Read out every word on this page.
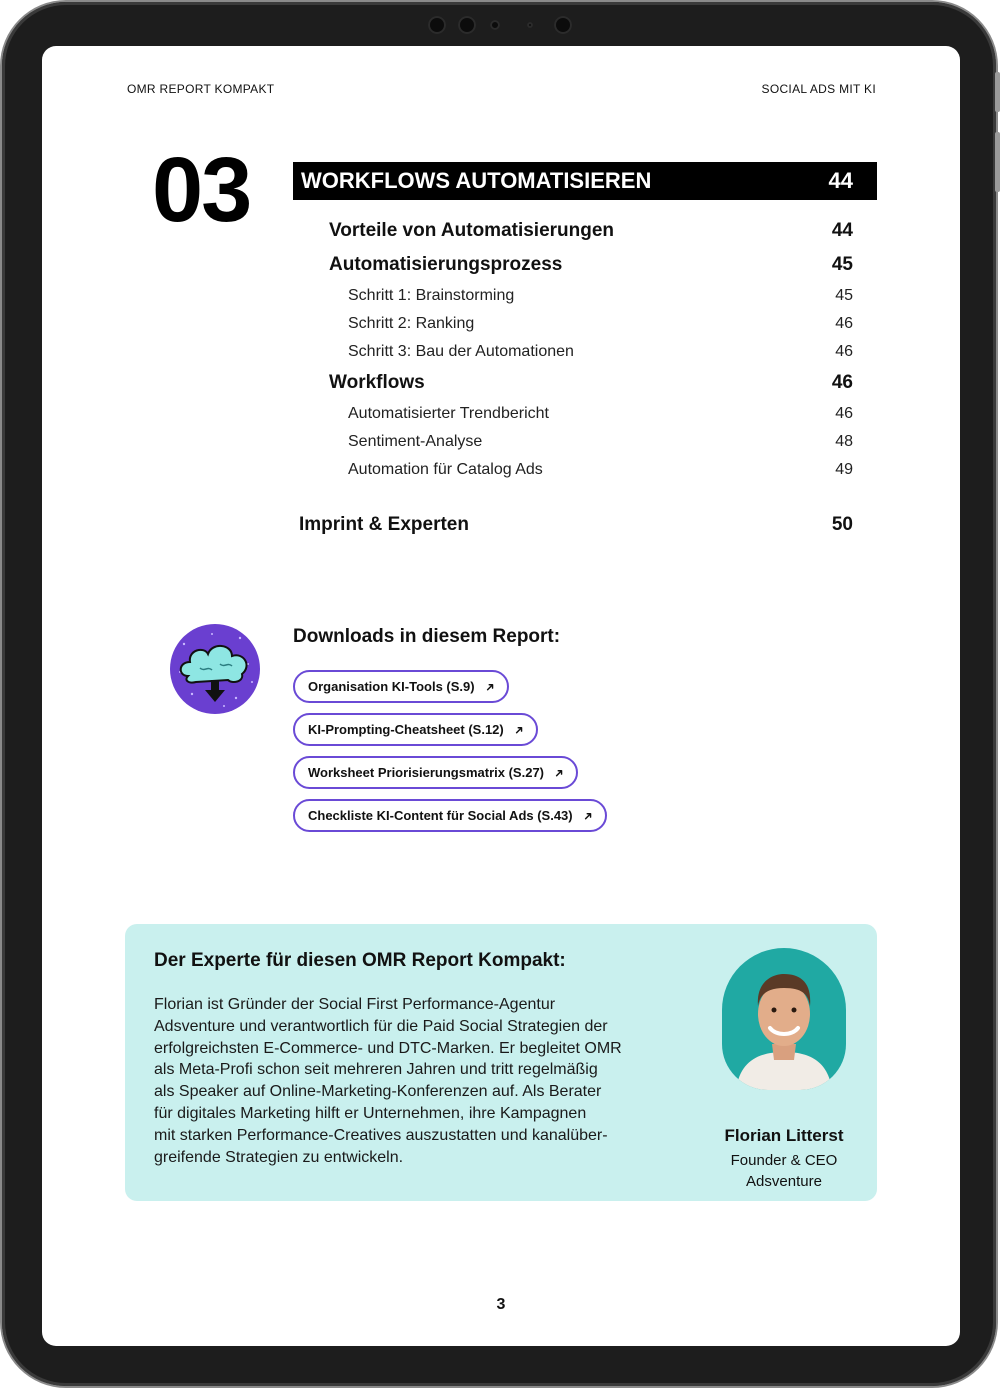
OMR REPORT KOMPAKT	SOCIAL ADS MIT KI
03 WORKFLOWS AUTOMATISIEREN	44
Vorteile von Automatisierungen	44
Automatisierungsprozess	45
Schritt 1: Brainstorming	45
Schritt 2: Ranking	46
Schritt 3: Bau der Automationen	46
Workflows	46
Automatisierter Trendbericht	46
Sentiment-Analyse	48
Automation für Catalog Ads	49
Imprint & Experten	50
Downloads in diesem Report:
Organisation KI-Tools (S.9) ➜
KI-Prompting-Cheatsheet (S.12) ➜
Worksheet Priorisierungsmatrix (S.27) ➜
Checkliste KI-Content für Social Ads (S.43) ➜
Der Experte für diesen OMR Report Kompakt:
Florian ist Gründer der Social First Performance-Agentur
Adsventure und verantwortlich für die Paid Social Strategien der
erfolgreichsten E-Commerce- und DTC-Marken. Er begleitet OMR
als Meta-Profi schon seit mehreren Jahren und tritt regelmäßig
als Speaker auf Online-Marketing-Konferenzen auf. Als Berater
für digitales Marketing hilft er Unternehmen, ihre Kampagnen
mit starken Performance-Creatives auszustatten und kanalüber-
greifende Strategien zu entwickeln.
Florian Litterst
Founder & CEO
Adsventure
3
